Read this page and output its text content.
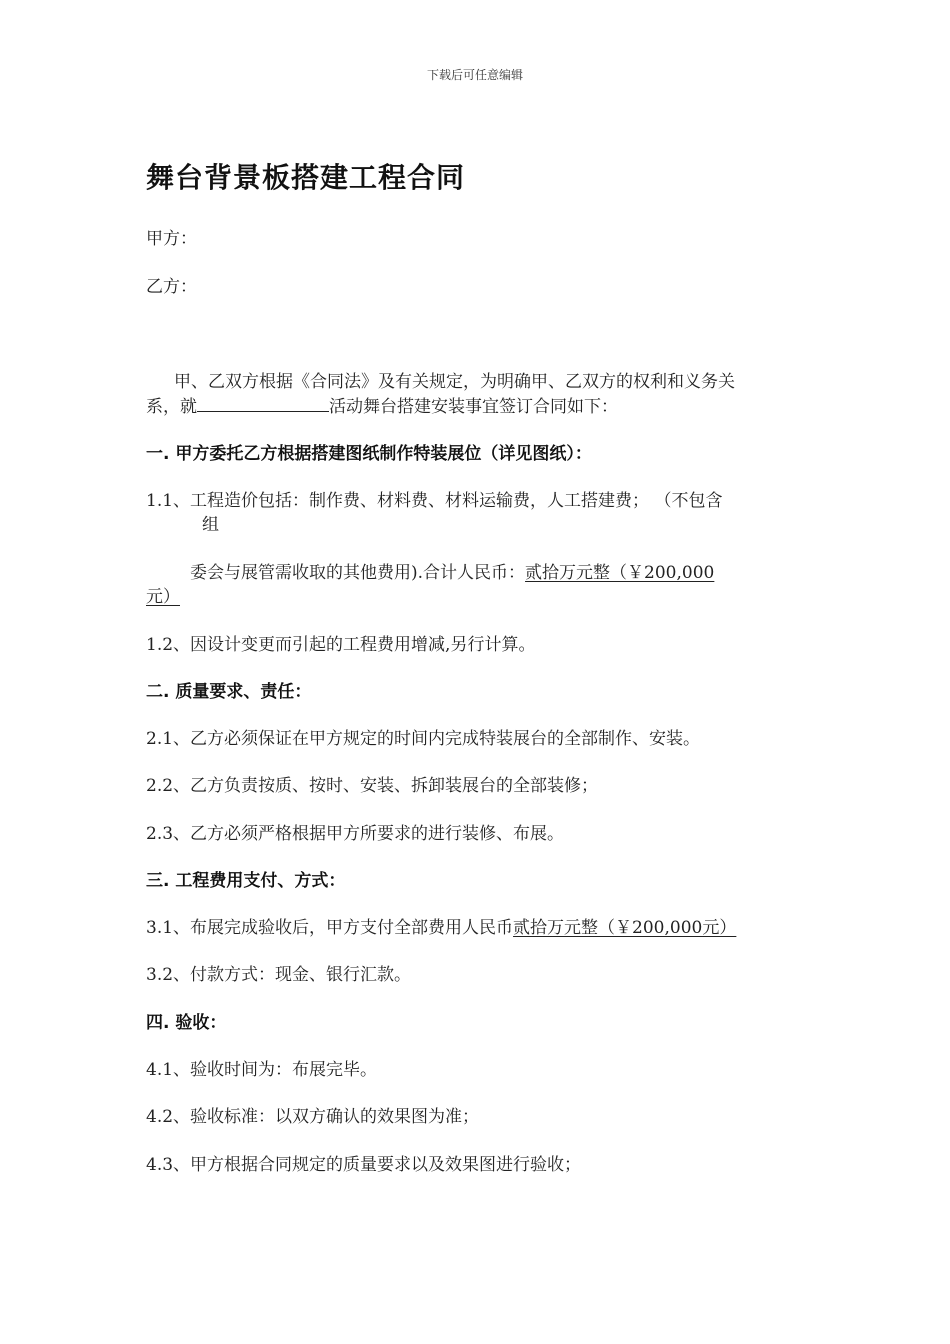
下载后可任意编辑
舞台背景板搭建工程合同
甲方：
乙方：
甲、乙双方根据《合同法》及有关规定，为明确甲、乙双方的权利和义务关
系，就	活动舞台搭建安装事宜签订合同如下：
一. 甲方委托乙方根据搭建图纸制作特装展位（详见图纸）：
1.1、工程造价包括：制作费、材料费、材料运输费，人工搭建费； （不包含
组
委会与展管需收取的其他费用).合计人民币：贰拾万元整（￥200,000
元）
1.2、因设计变更而引起的工程费用增减,另行计算。
二. 质量要求、责任：
2.1、乙方必须保证在甲方规定的时间内完成特装展台的全部制作、安装。
2.2、乙方负责按质、按时、安装、拆卸装展台的全部装修；
2.3、乙方必须严格根据甲方所要求的进行装修、布展。
三. 工程费用支付、方式：
3.1、布展完成验收后，甲方支付全部费用人民币贰拾万元整（￥200,000元）
3.2、付款方式：现金、银行汇款。
四. 验收：
4.1、验收时间为：布展完毕。
4.2、验收标准：以双方确认的效果图为准；
4.3、甲方根据合同规定的质量要求以及效果图进行验收；
